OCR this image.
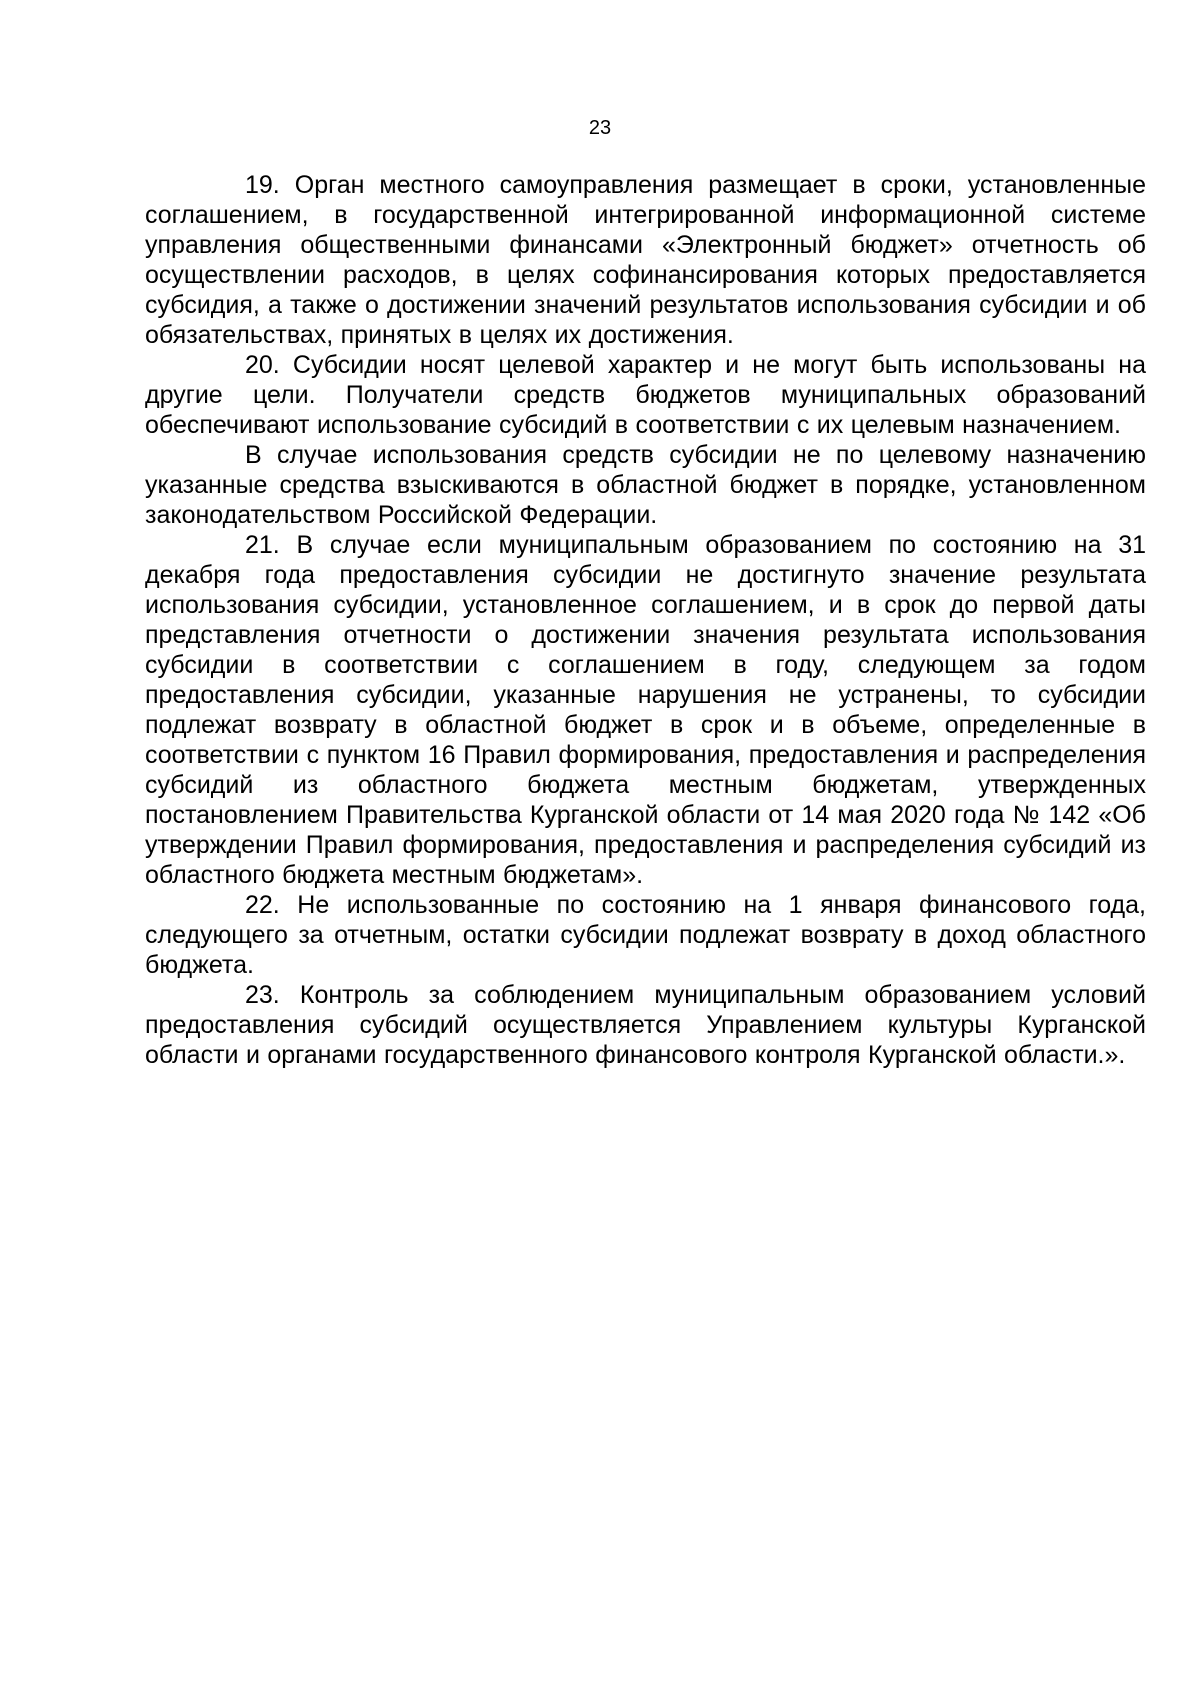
23

19. Орган местного самоуправления размещает в сроки, установленные соглашением, в государственной интегрированной информационной системе управления общественными финансами «Электронный бюджет» отчетность об осуществлении расходов, в целях софинансирования которых предоставляется субсидия, а также о достижении значений результатов использования субсидии и об обязательствах, принятых в целях их достижения.

20. Субсидии носят целевой характер и не могут быть использованы на другие цели. Получатели средств бюджетов муниципальных образований обеспечивают использование субсидий в соответствии с их целевым назначением.

В случае использования средств субсидии не по целевому назначению указанные средства взыскиваются в областной бюджет в порядке, установленном законодательством Российской Федерации.

21. В случае если муниципальным образованием по состоянию на 31 декабря года предоставления субсидии не достигнуто значение результата использования субсидии, установленное соглашением, и в срок до первой даты представления отчетности о достижении значения результата использования субсидии в соответствии с соглашением в году, следующем за годом предоставления субсидии, указанные нарушения не устранены, то субсидии подлежат возврату в областной бюджет в срок и в объеме, определенные в соответствии с пунктом 16 Правил формирования, предоставления и распределения субсидий из областного бюджета местным бюджетам, утвержденных постановлением Правительства Курганской области от 14 мая 2020 года № 142 «Об утверждении Правил формирования, предоставления и распределения субсидий из областного бюджета местным бюджетам».

22. Не использованные по состоянию на 1 января финансового года, следующего за отчетным, остатки субсидии подлежат возврату в доход областного бюджета.

23. Контроль за соблюдением муниципальным образованием условий предоставления субсидий осуществляется Управлением культуры Курганской области и органами государственного финансового контроля Курганской области.».
